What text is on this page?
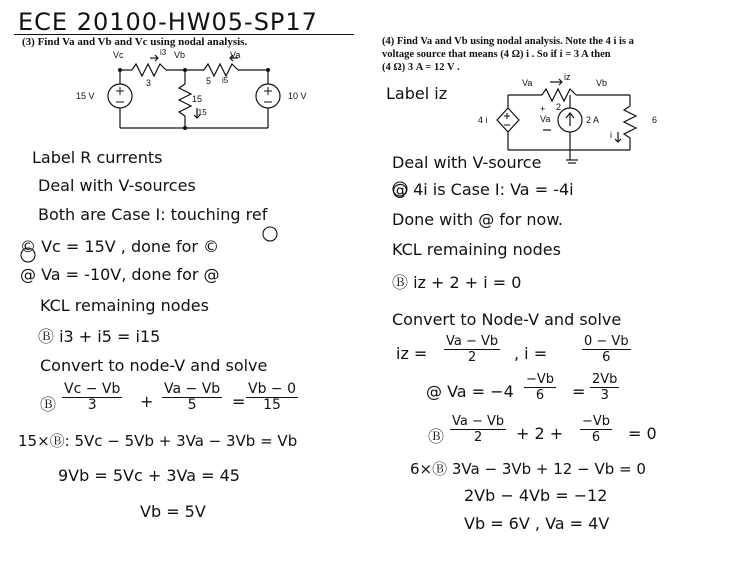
ECE 20100-HW05-SP17
(3) Find Va and Vb and Vc using nodal analysis.
Vc	Vb	Va
3	5
15
i3
i5
i15
15 V	10 V
Label R currents
Deal with V-sources
Both are Case I: touching ref
© Vc = 15V , done for ©
@ Va = -10V, done for @
KCL remaining nodes
Ⓑ i3 + i5 = i15
Convert to node-V and solve
Ⓑ $\frac{Vc - Vb}{3} + \frac{Va - Vb}{5} = \frac{Vb - 0}{15}$
15×Ⓑ: 5Vc − 5Vb + 3Va − 3Vb = Vb
9Vb = 5Vc + 3Va = 45
Vb = 5V
(4) Find Va and Vb using nodal analysis. Note the 4 i is a
voltage source that means (4 Ω) i . So if i = 3 A then
(4 Ω) 3 A = 12 V .
Label iz
Va	Vb
iz
2
4 i
+
Va	2 A	6
i
Deal with V-source
@ 4i is Case I: Va = -4i
Done with @ for now.
KCL remaining nodes
Ⓑ iz + 2 + i = 0
Convert to Node-V and solve
iz = $\frac{Va - Vb}{2}$ , i =	$\frac{0 - Vb}{6}$
@ $Va = -4 \frac{-Vb}{6} = \frac{2Vb}{3}$
Ⓑ $\frac{Va - Vb}{2} + 2 + \frac{-Vb}{6} = 0$
6×Ⓑ 3Va − 3Vb + 12 − Vb = 0
2Vb − 4Vb = −12
Vb = 6V , Va = 4V
